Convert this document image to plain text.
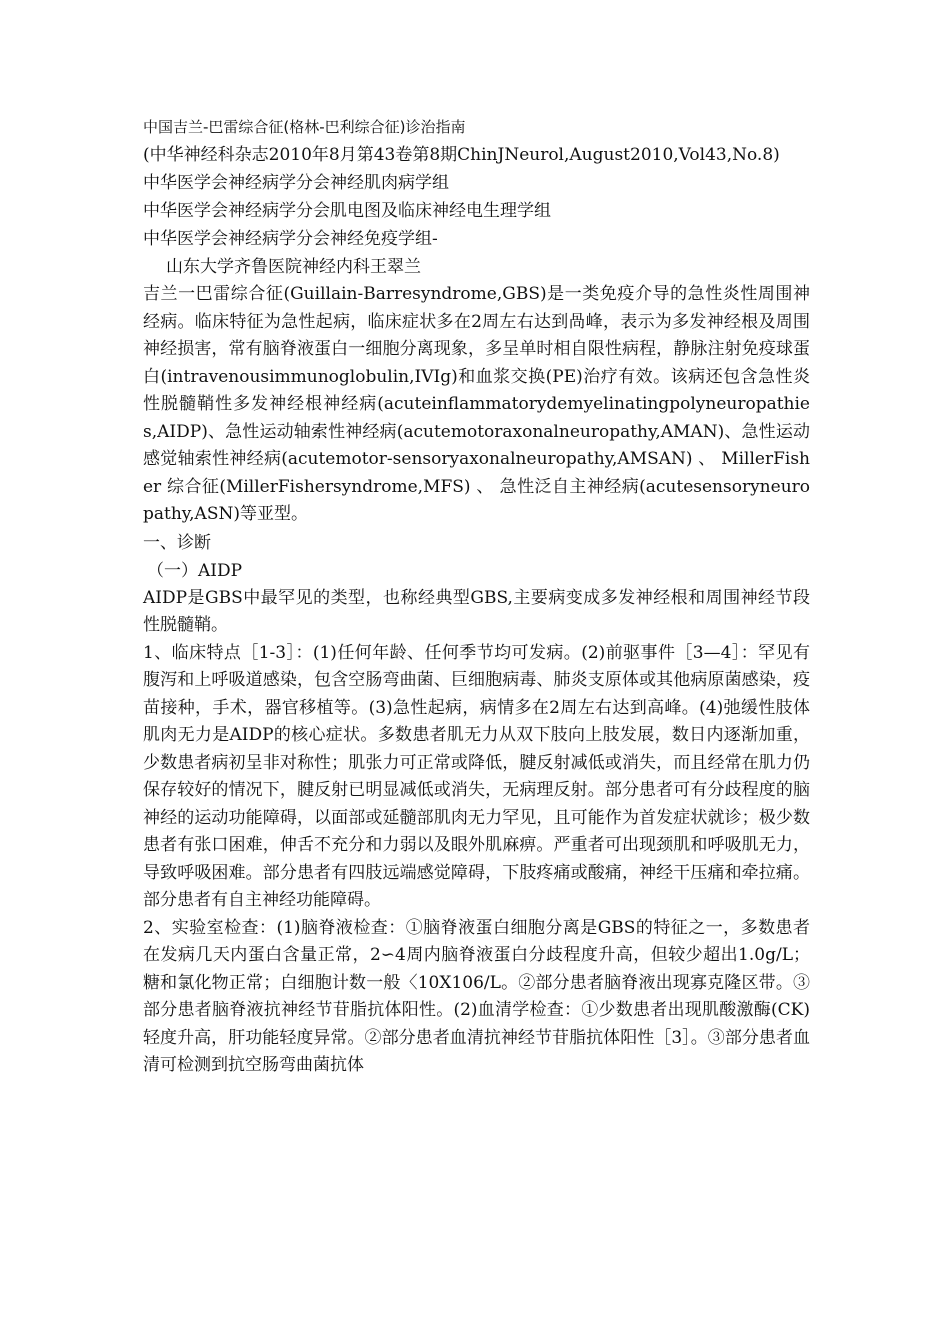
中国吉兰-巴雷综合征(格林-巴利综合征)诊治指南
(中华神经科杂志2010年8月第43卷第8期ChinJNeurol,August2010,Vol43,No.8)
中华医学会神经病学分会神经肌肉病学组
中华医学会神经病学分会肌电图及临床神经电生理学组
中华医学会神经病学分会神经免疫学组-
山东大学齐鲁医院神经内科王翠兰
吉兰一巴雷综合征(Guillain-Barresyndrome,GBS)是一类免疫介导的急性炎性周围神经病。临床特征为急性起病，临床症状多在2周左右达到咼峰，表示为多发神经根及周围神经损害，常有脑脊液蛋白一细胞分离现象，多呈单时相自限性病程，静脉注射免疫球蛋白(intravenousimmunoglobulin,IVIg)和血浆交换(PE)治疗有效。该病还包含急性炎性脱髓鞘性多发神经根神经病(acuteinflammatorydemyelinatingpolyneuropathies,AIDP)、急性运动轴索性神经病(acutemotoraxonalneuropathy,AMAN)、急性运动感觉轴索性神经病(acutemotor-sensoryaxonalneuropathy,AMSAN) 、 MillerFisher 综合征(MillerFishersyndrome,MFS) 、 急性泛自主神经病(acutesensoryneuropathy,ASN)等亚型。
一、诊断
（一）AIDP
AIDP是GBS中最罕见的类型，也称经典型GBS,主要病变成多发神经根和周围神经节段性脱髓鞘。
1、临床特点［1-3］：(1)任何年龄、任何季节均可发病。(2)前驱事件［3—4］：罕见有腹泻和上呼吸道感染，包含空肠弯曲菌、巨细胞病毒、肺炎支原体或其他病原菌感染，疫苗接种，手术，器官移植等。(3)急性起病，病情多在2周左右达到高峰。(4)弛缓性肢体肌肉无力是AIDP的核心症状。多数患者肌无力从双下肢向上肢发展，数日内逐渐加重，少数患者病初呈非对称性；肌张力可正常或降低，腱反射减低或消失，而且经常在肌力仍保存较好的情况下，腱反射已明显减低或消失，无病理反射。部分患者可有分歧程度的脑神经的运动功能障碍，以面部或延髓部肌肉无力罕见，且可能作为首发症状就诊；极少数患者有张口困难，伸舌不充分和力弱以及眼外肌麻痹。严重者可出现颈肌和呼吸肌无力，导致呼吸困难。部分患者有四肢远端感觉障碍，下肢疼痛或酸痛，神经干压痛和牵拉痛。部分患者有自主神经功能障碍。
2、实验室检查：(1)脑脊液检查：①脑脊液蛋白细胞分离是GBS的特征之一，多数患者在发病几天内蛋白含量正常，2∽4周内脑脊液蛋白分歧程度升高，但较少超出1.0g/L；糖和氯化物正常；白细胞计数一般〈10X106/L。②部分患者脑脊液出现寡克隆区带。③部分患者脑脊液抗神经节苷脂抗体阳性。(2)血清学检查：①少数患者出现肌酸激酶(CK)轻度升高，肝功能轻度异常。②部分患者血清抗神经节苷脂抗体阳性［3］。③部分患者血清可检测到抗空肠弯曲菌抗体
